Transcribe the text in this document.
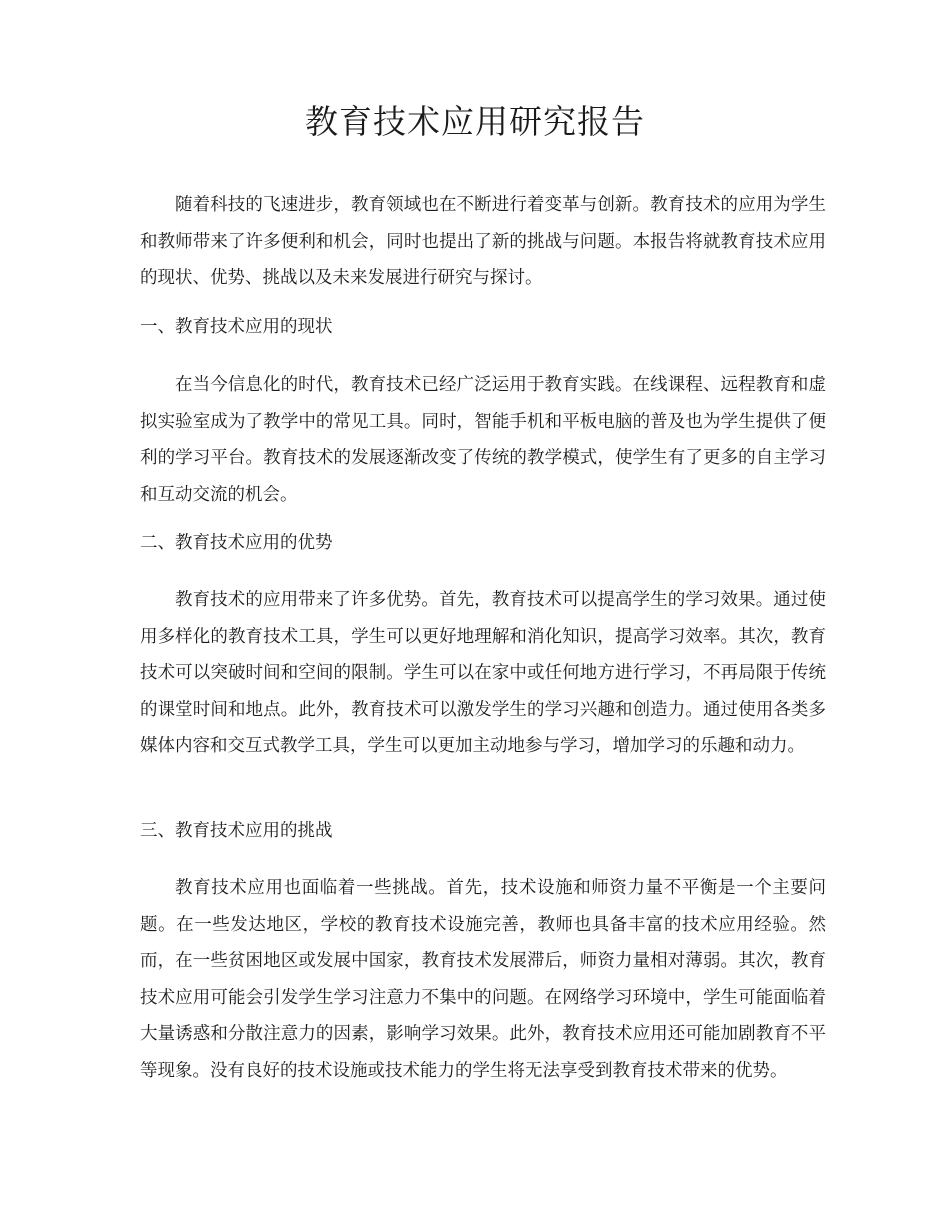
教育技术应用研究报告

随着科技的飞速进步，教育领域也在不断进行着变革与创新。教育技术的应用为学生和教师带来了许多便利和机会，同时也提出了新的挑战与问题。本报告将就教育技术应用的现状、优势、挑战以及未来发展进行研究与探讨。

一、教育技术应用的现状

在当今信息化的时代，教育技术已经广泛运用于教育实践。在线课程、远程教育和虚拟实验室成为了教学中的常见工具。同时，智能手机和平板电脑的普及也为学生提供了便利的学习平台。教育技术的发展逐渐改变了传统的教学模式，使学生有了更多的自主学习和互动交流的机会。

二、教育技术应用的优势

教育技术的应用带来了许多优势。首先，教育技术可以提高学生的学习效果。通过使用多样化的教育技术工具，学生可以更好地理解和消化知识，提高学习效率。其次，教育技术可以突破时间和空间的限制。学生可以在家中或任何地方进行学习，不再局限于传统的课堂时间和地点。此外，教育技术可以激发学生的学习兴趣和创造力。通过使用各类多媒体内容和交互式教学工具，学生可以更加主动地参与学习，增加学习的乐趣和动力。

三、教育技术应用的挑战

教育技术应用也面临着一些挑战。首先，技术设施和师资力量不平衡是一个主要问题。在一些发达地区，学校的教育技术设施完善，教师也具备丰富的技术应用经验。然而，在一些贫困地区或发展中国家，教育技术发展滞后，师资力量相对薄弱。其次，教育技术应用可能会引发学生学习注意力不集中的问题。在网络学习环境中，学生可能面临着大量诱惑和分散注意力的因素，影响学习效果。此外，教育技术应用还可能加剧教育不平等现象。没有良好的技术设施或技术能力的学生将无法享受到教育技术带来的优势。
